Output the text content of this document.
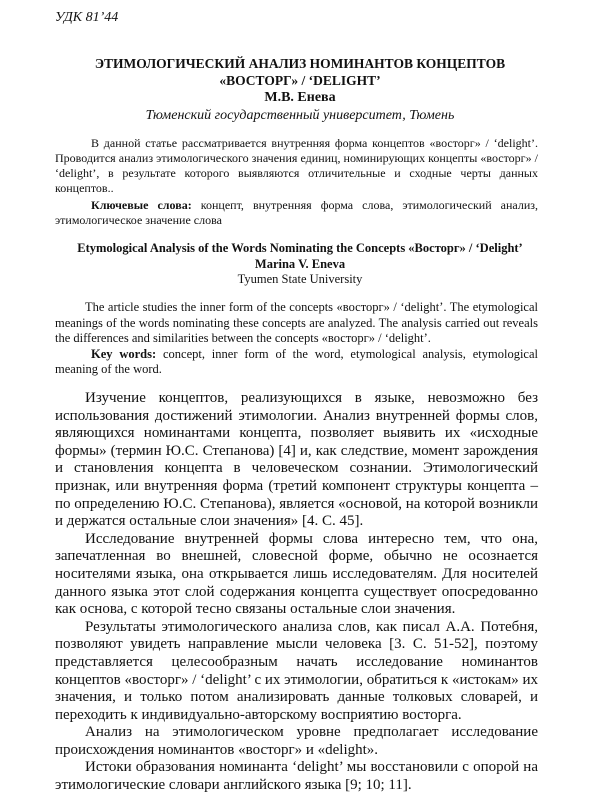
УДК 81’44
ЭТИМОЛОГИЧЕСКИЙ АНАЛИЗ НОМИНАНТОВ КОНЦЕПТОВ
«ВОСТОРГ» / ‘DELIGHT’
М.В. Енева
Тюменский государственный университет, Тюмень

В данной статье рассматривается внутренняя форма концептов «восторг» / ‘delight’. Проводится анализ этимологического значения единиц, номинирующих концепты «восторг» / ‘delight’, в результате которого выявляются отличительные и сходные черты данных концептов..

Ключевые слова: концепт, внутренняя форма слова, этимологический анализ, этимологическое значение слова

Etymological Analysis of the Words Nominating the Concepts «Восторг» / ‘Delight’
Marina V. Eneva
Tyumen State University

The article studies the inner form of the concepts «восторг» / ‘delight’. The etymological meanings of the words nominating these concepts are analyzed. The analysis carried out reveals the differences and similarities between the concepts «восторг» / ‘delight’.

Key words: concept, inner form of the word, etymological analysis, etymological meaning of the word.

Изучение концептов, реализующихся в языке, невозможно без использования достижений этимологии. Анализ внутренней формы слов, являющихся номинантами концепта, позволяет выявить их «исходные формы» (термин Ю.С. Степанова) [4] и, как следствие, момент зарождения и становления концепта в человеческом сознании. Этимологический признак, или внутренняя форма (третий компонент структуры концепта – по определению Ю.С. Степанова), является «основой, на которой возникли и держатся остальные слои значения» [4. С. 45].

Исследование внутренней формы слова интересно тем, что она, запечатленная во внешней, словесной форме, обычно не осознается носителями языка, она открывается лишь исследователям. Для носителей данного языка этот слой содержания концепта существует опосредованно как основа, с которой тесно связаны остальные слои значения.

Результаты этимологического анализа слов, как писал А.А. Потебня, позволяют увидеть направление мысли человека [3. С. 51-52], поэтому представляется целесообразным начать исследование номинантов концептов «восторг» / ‘delight’ с их этимологии, обратиться к «истокам» их значения, и только потом анализировать данные толковых словарей, и переходить к индивидуально-авторскому восприятию восторга.

Анализ на этимологическом уровне предполагает исследование происхождения номинантов «восторг» и «delight».

Истоки образования номинанта ‘delight’ мы восстановили с опорой на этимологические словари английского языка [9; 10; 11].
